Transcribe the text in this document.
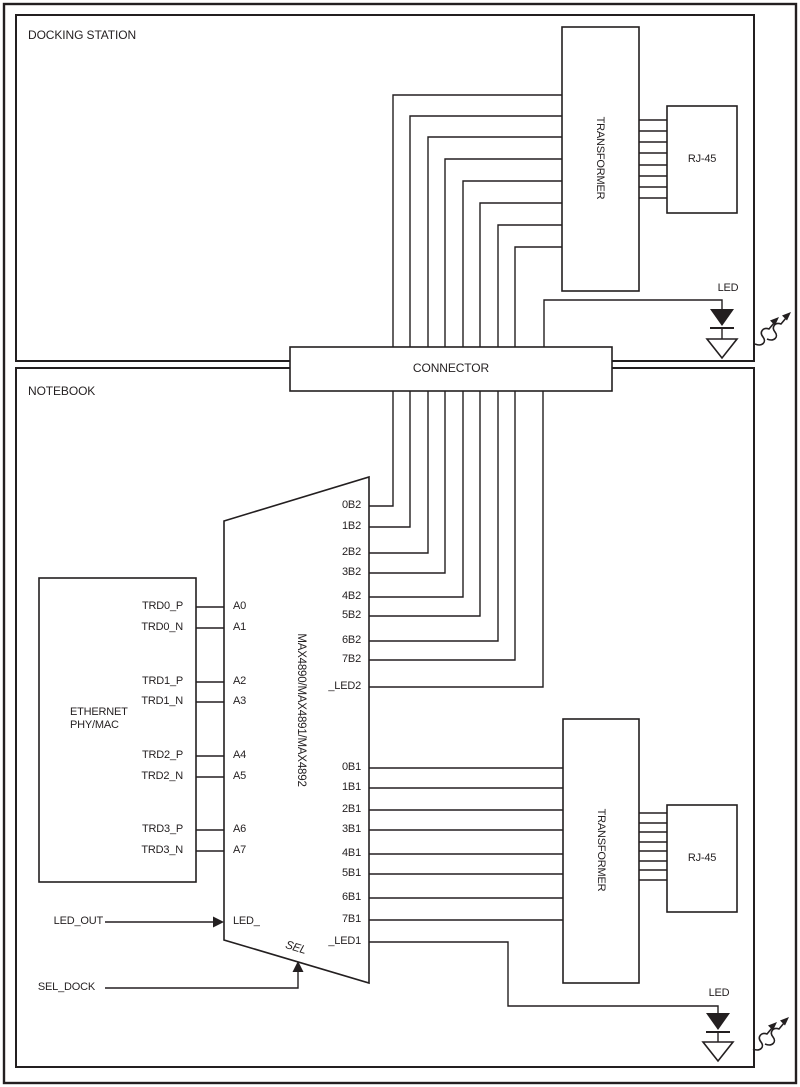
DOCKING STATION
NOTEBOOK
CONNECTOR
TRANSFORMER	RJ-45
LED
TRANSFORMER	RJ-45
LED
ETHERNET
PHY/MAC
TRD0_P
TRD0_N
TRD1_P
TRD1_N
TRD2_P
TRD2_N
TRD3_P
TRD3_N
A0
A1
A2
A3
A4
A5
A6
A7
0B2
1B2
2B2
3B2
4B2
5B2
6B2
7B2
_LED2
0B1
1B1
2B1
3B1
4B1
5B1
6B1
7B1
_LED1
MAX4890/MAX4891/MAX4892
LED_
SEL
LED_OUT
SEL_DOCK
